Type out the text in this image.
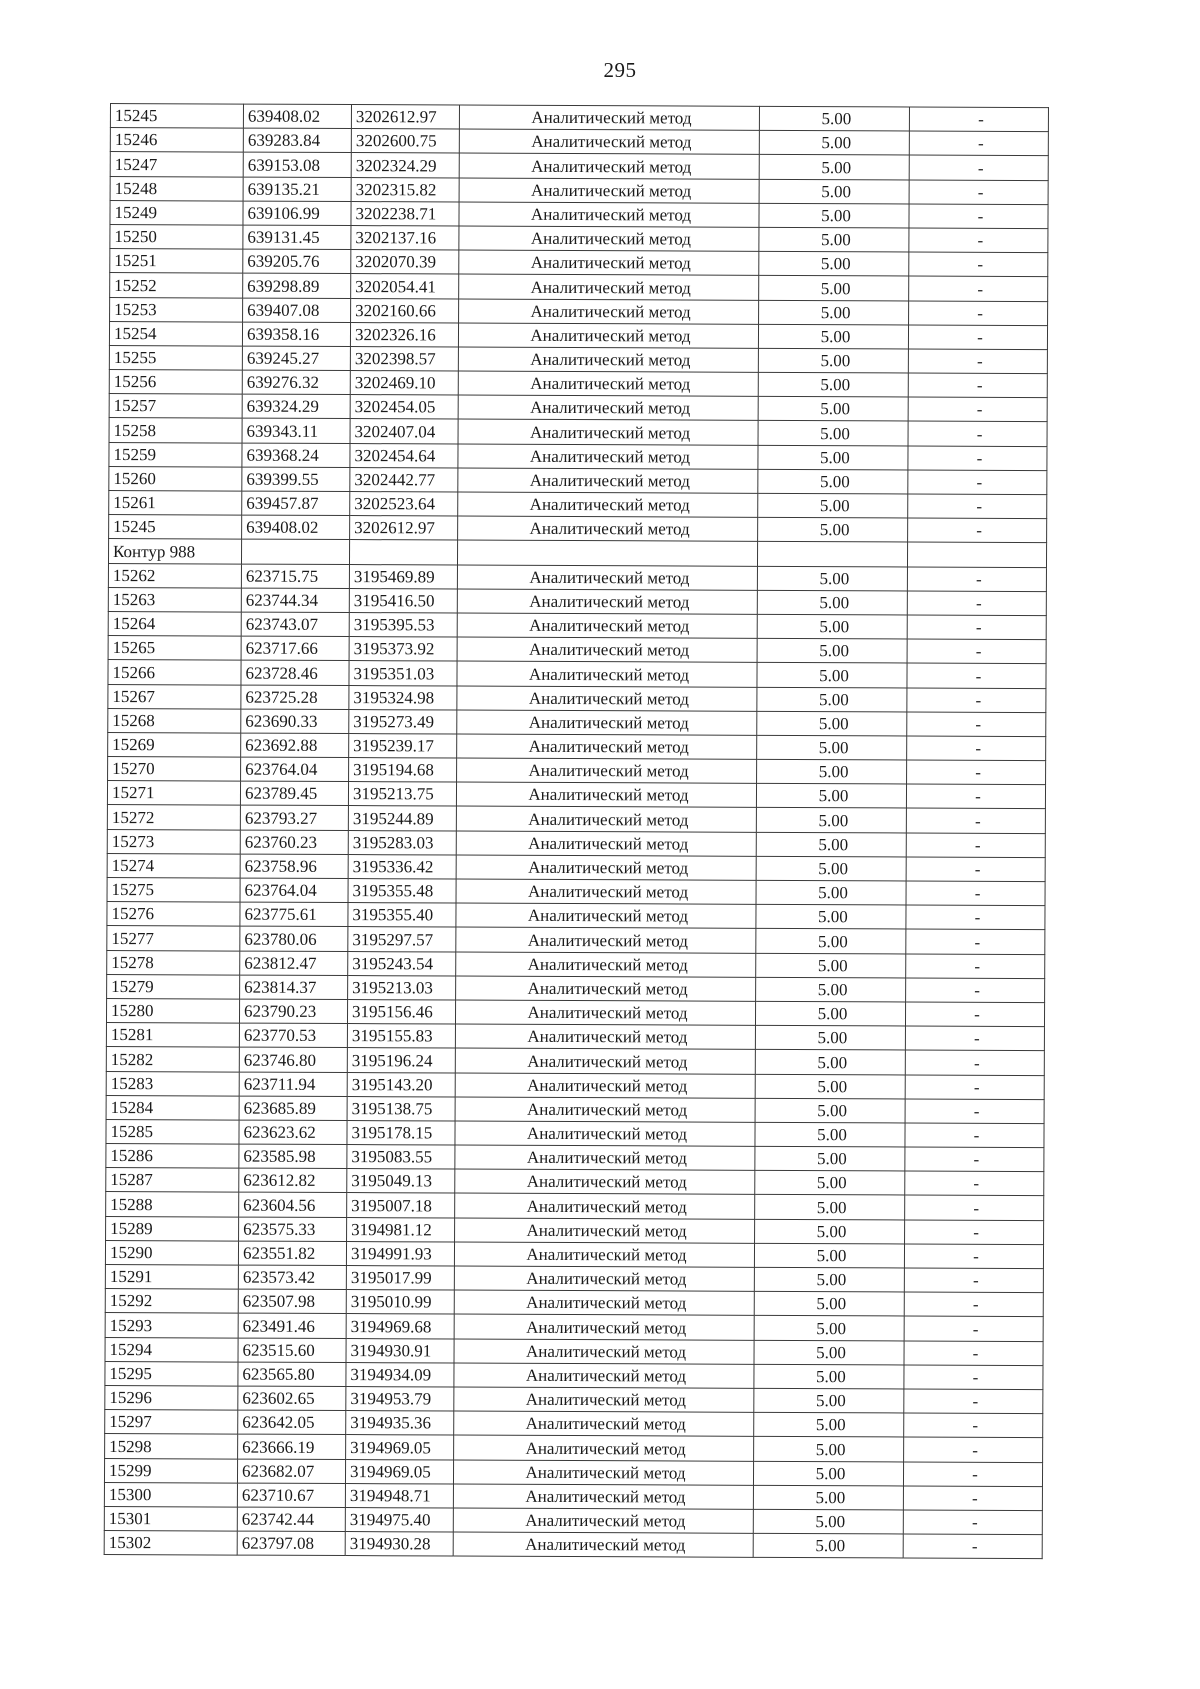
295
15245	639408.02	3202612.97	Аналитический метод	5.00	-
15246	639283.84	3202600.75	Аналитический метод	5.00	-
15247	639153.08	3202324.29	Аналитический метод	5.00	-
15248	639135.21	3202315.82	Аналитический метод	5.00	-
15249	639106.99	3202238.71	Аналитический метод	5.00	-
15250	639131.45	3202137.16	Аналитический метод	5.00	-
15251	639205.76	3202070.39	Аналитический метод	5.00	-
15252	639298.89	3202054.41	Аналитический метод	5.00	-
15253	639407.08	3202160.66	Аналитический метод	5.00	-
15254	639358.16	3202326.16	Аналитический метод	5.00	-
15255	639245.27	3202398.57	Аналитический метод	5.00	-
15256	639276.32	3202469.10	Аналитический метод	5.00	-
15257	639324.29	3202454.05	Аналитический метод	5.00	-
15258	639343.11	3202407.04	Аналитический метод	5.00	-
15259	639368.24	3202454.64	Аналитический метод	5.00	-
15260	639399.55	3202442.77	Аналитический метод	5.00	-
15261	639457.87	3202523.64	Аналитический метод	5.00	-
15245	639408.02	3202612.97	Аналитический метод	5.00	-
Контур 988					
15262	623715.75	3195469.89	Аналитический метод	5.00	-
15263	623744.34	3195416.50	Аналитический метод	5.00	-
15264	623743.07	3195395.53	Аналитический метод	5.00	-
15265	623717.66	3195373.92	Аналитический метод	5.00	-
15266	623728.46	3195351.03	Аналитический метод	5.00	-
15267	623725.28	3195324.98	Аналитический метод	5.00	-
15268	623690.33	3195273.49	Аналитический метод	5.00	-
15269	623692.88	3195239.17	Аналитический метод	5.00	-
15270	623764.04	3195194.68	Аналитический метод	5.00	-
15271	623789.45	3195213.75	Аналитический метод	5.00	-
15272	623793.27	3195244.89	Аналитический метод	5.00	-
15273	623760.23	3195283.03	Аналитический метод	5.00	-
15274	623758.96	3195336.42	Аналитический метод	5.00	-
15275	623764.04	3195355.48	Аналитический метод	5.00	-
15276	623775.61	3195355.40	Аналитический метод	5.00	-
15277	623780.06	3195297.57	Аналитический метод	5.00	-
15278	623812.47	3195243.54	Аналитический метод	5.00	-
15279	623814.37	3195213.03	Аналитический метод	5.00	-
15280	623790.23	3195156.46	Аналитический метод	5.00	-
15281	623770.53	3195155.83	Аналитический метод	5.00	-
15282	623746.80	3195196.24	Аналитический метод	5.00	-
15283	623711.94	3195143.20	Аналитический метод	5.00	-
15284	623685.89	3195138.75	Аналитический метод	5.00	-
15285	623623.62	3195178.15	Аналитический метод	5.00	-
15286	623585.98	3195083.55	Аналитический метод	5.00	-
15287	623612.82	3195049.13	Аналитический метод	5.00	-
15288	623604.56	3195007.18	Аналитический метод	5.00	-
15289	623575.33	3194981.12	Аналитический метод	5.00	-
15290	623551.82	3194991.93	Аналитический метод	5.00	-
15291	623573.42	3195017.99	Аналитический метод	5.00	-
15292	623507.98	3195010.99	Аналитический метод	5.00	-
15293	623491.46	3194969.68	Аналитический метод	5.00	-
15294	623515.60	3194930.91	Аналитический метод	5.00	-
15295	623565.80	3194934.09	Аналитический метод	5.00	-
15296	623602.65	3194953.79	Аналитический метод	5.00	-
15297	623642.05	3194935.36	Аналитический метод	5.00	-
15298	623666.19	3194969.05	Аналитический метод	5.00	-
15299	623682.07	3194969.05	Аналитический метод	5.00	-
15300	623710.67	3194948.71	Аналитический метод	5.00	-
15301	623742.44	3194975.40	Аналитический метод	5.00	-
15302	623797.08	3194930.28	Аналитический метод	5.00	-
